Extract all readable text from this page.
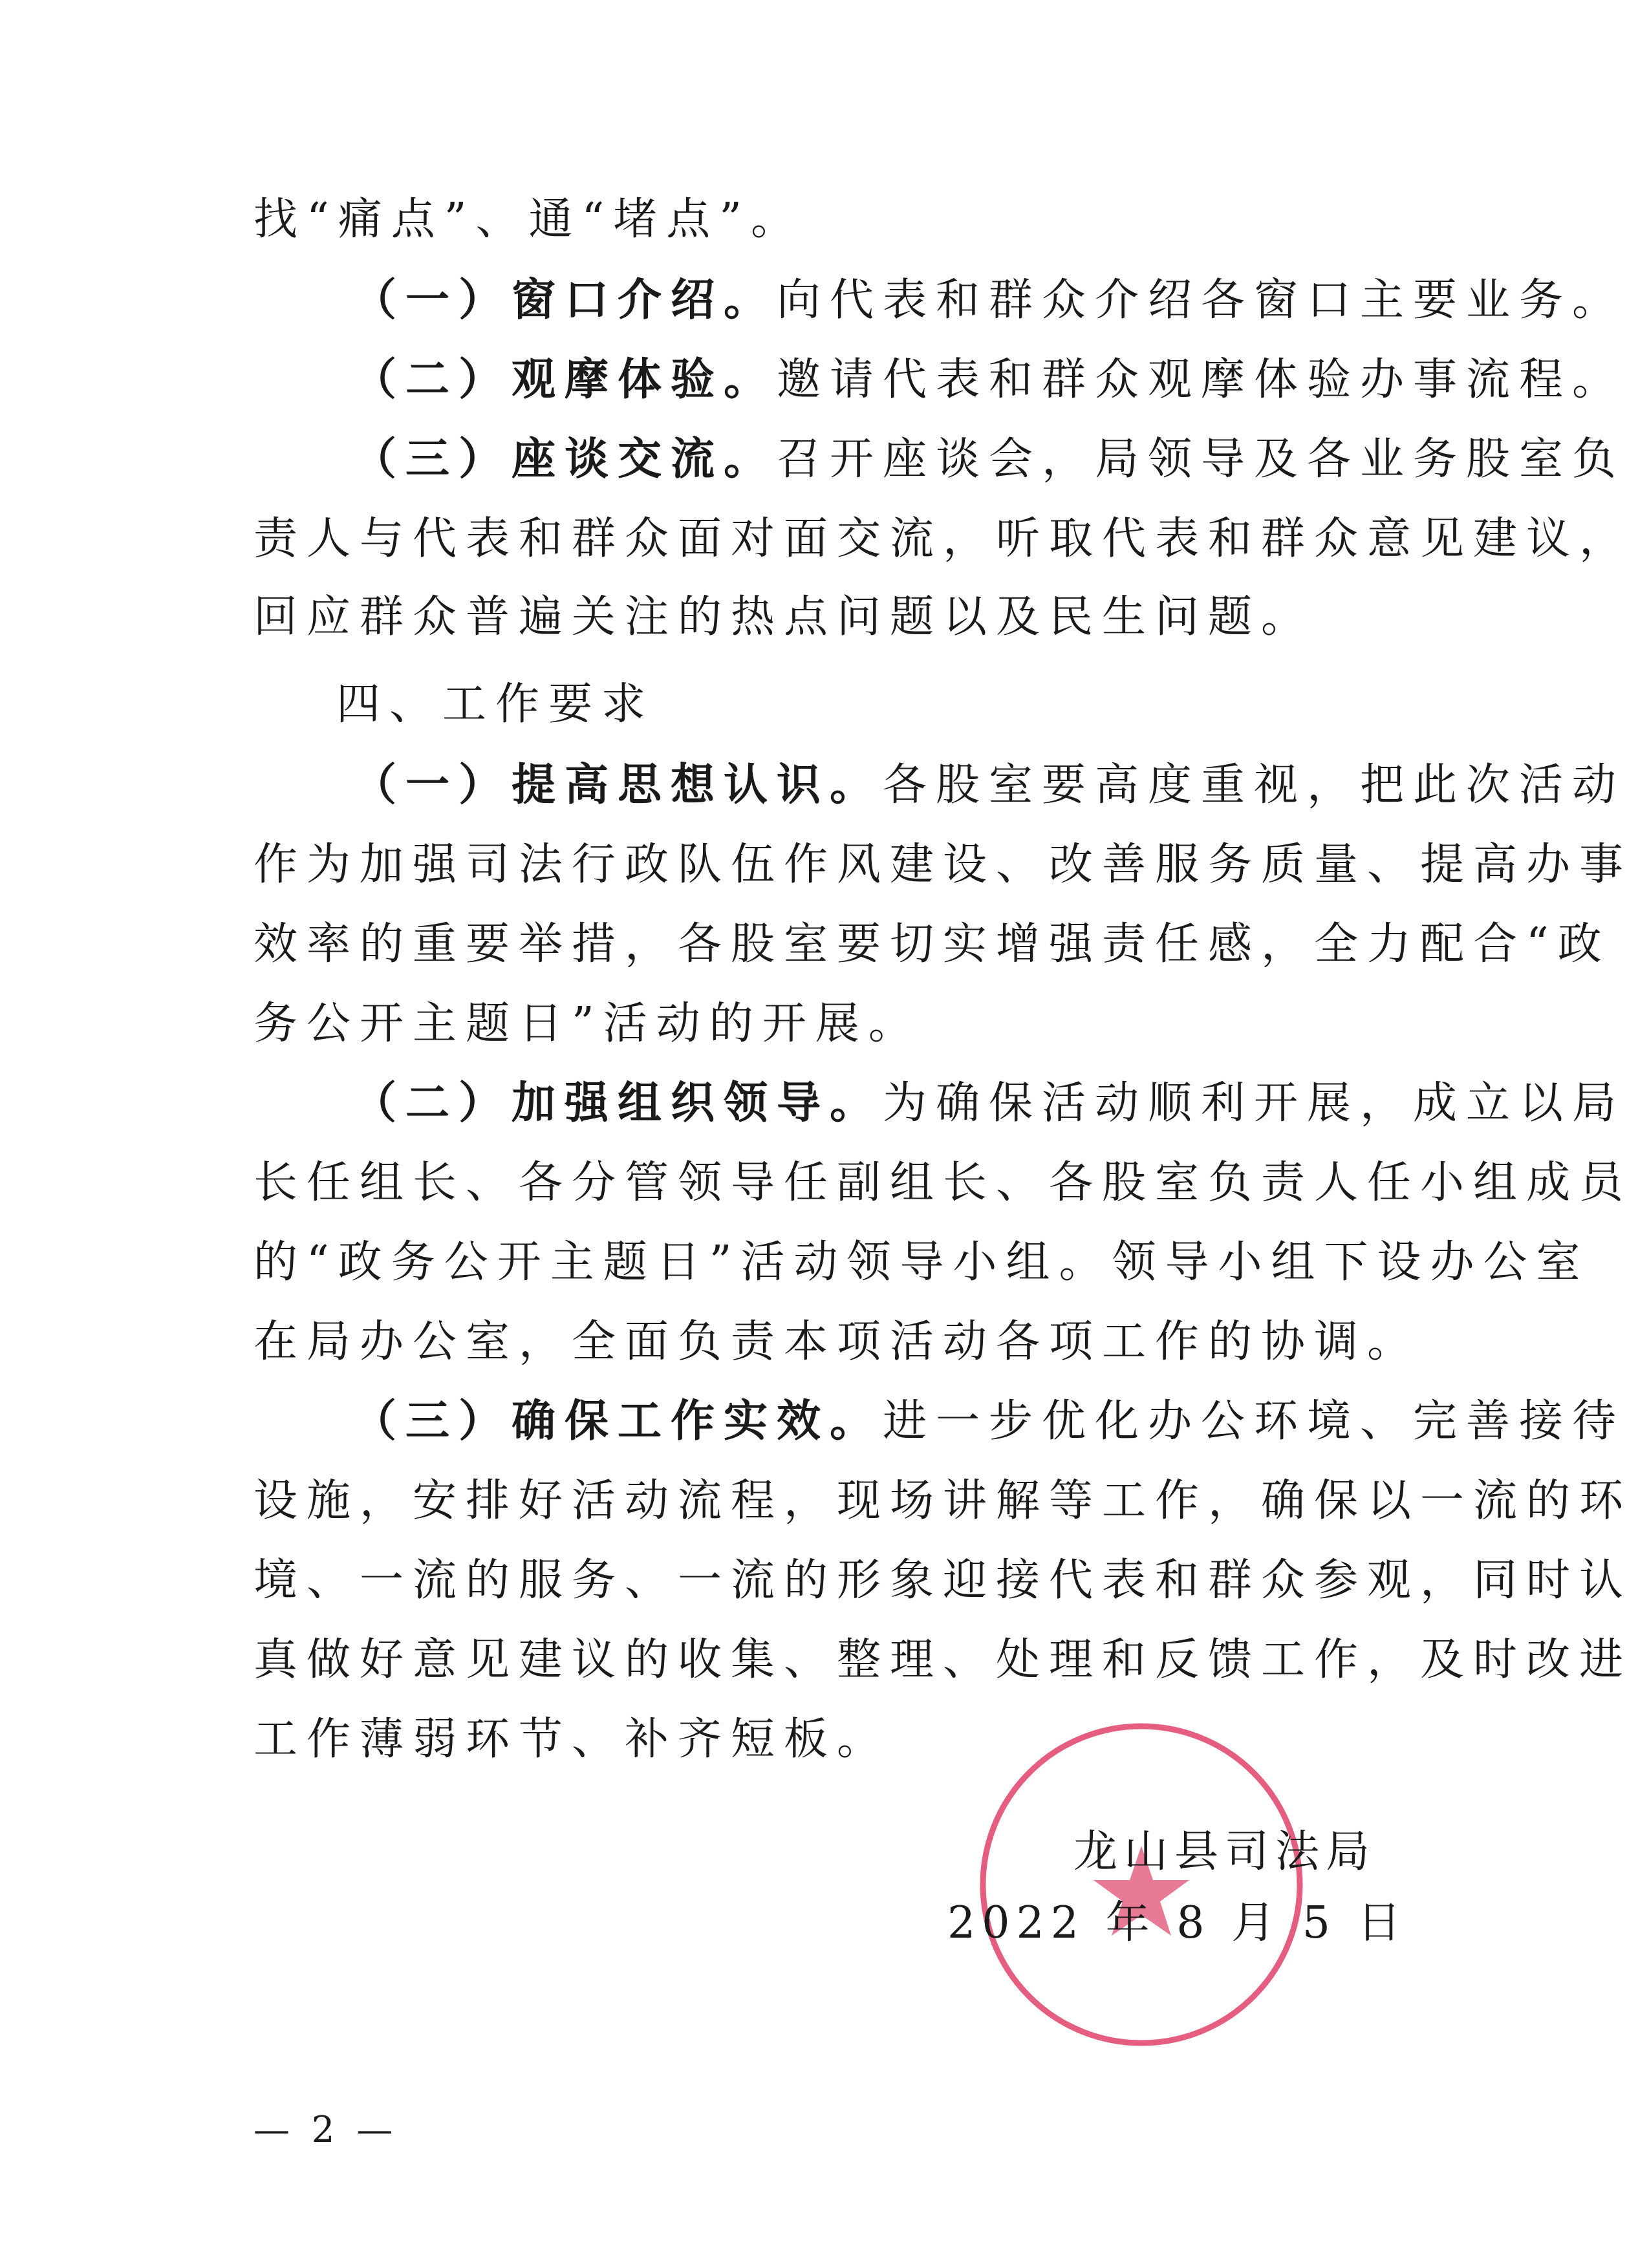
找“痛点”、通“堵点”。
（一）窗口介绍。向代表和群众介绍各窗口主要业务。
（二）观摩体验。邀请代表和群众观摩体验办事流程。
（三）座谈交流。召开座谈会，局领导及各业务股室负
责人与代表和群众面对面交流，听取代表和群众意见建议，
回应群众普遍关注的热点问题以及民生问题。
四、工作要求
（一）提高思想认识。各股室要高度重视，把此次活动
作为加强司法行政队伍作风建设、改善服务质量、提高办事
效率的重要举措，各股室要切实增强责任感，全力配合“政
务公开主题日”活动的开展。
（二）加强组织领导。为确保活动顺利开展，成立以局
长任组长、各分管领导任副组长、各股室负责人任小组成员
的“政务公开主题日”活动领导小组。领导小组下设办公室
在局办公室，全面负责本项活动各项工作的协调。
（三）确保工作实效。进一步优化办公环境、完善接待
设施，安排好活动流程，现场讲解等工作，确保以一流的环
境、一流的服务、一流的形象迎接代表和群众参观，同时认
真做好意见建议的收集、整理、处理和反馈工作，及时改进
工作薄弱环节、补齐短板。
龙山县司法局
2022 年 8 月 5 日
— 2 —
